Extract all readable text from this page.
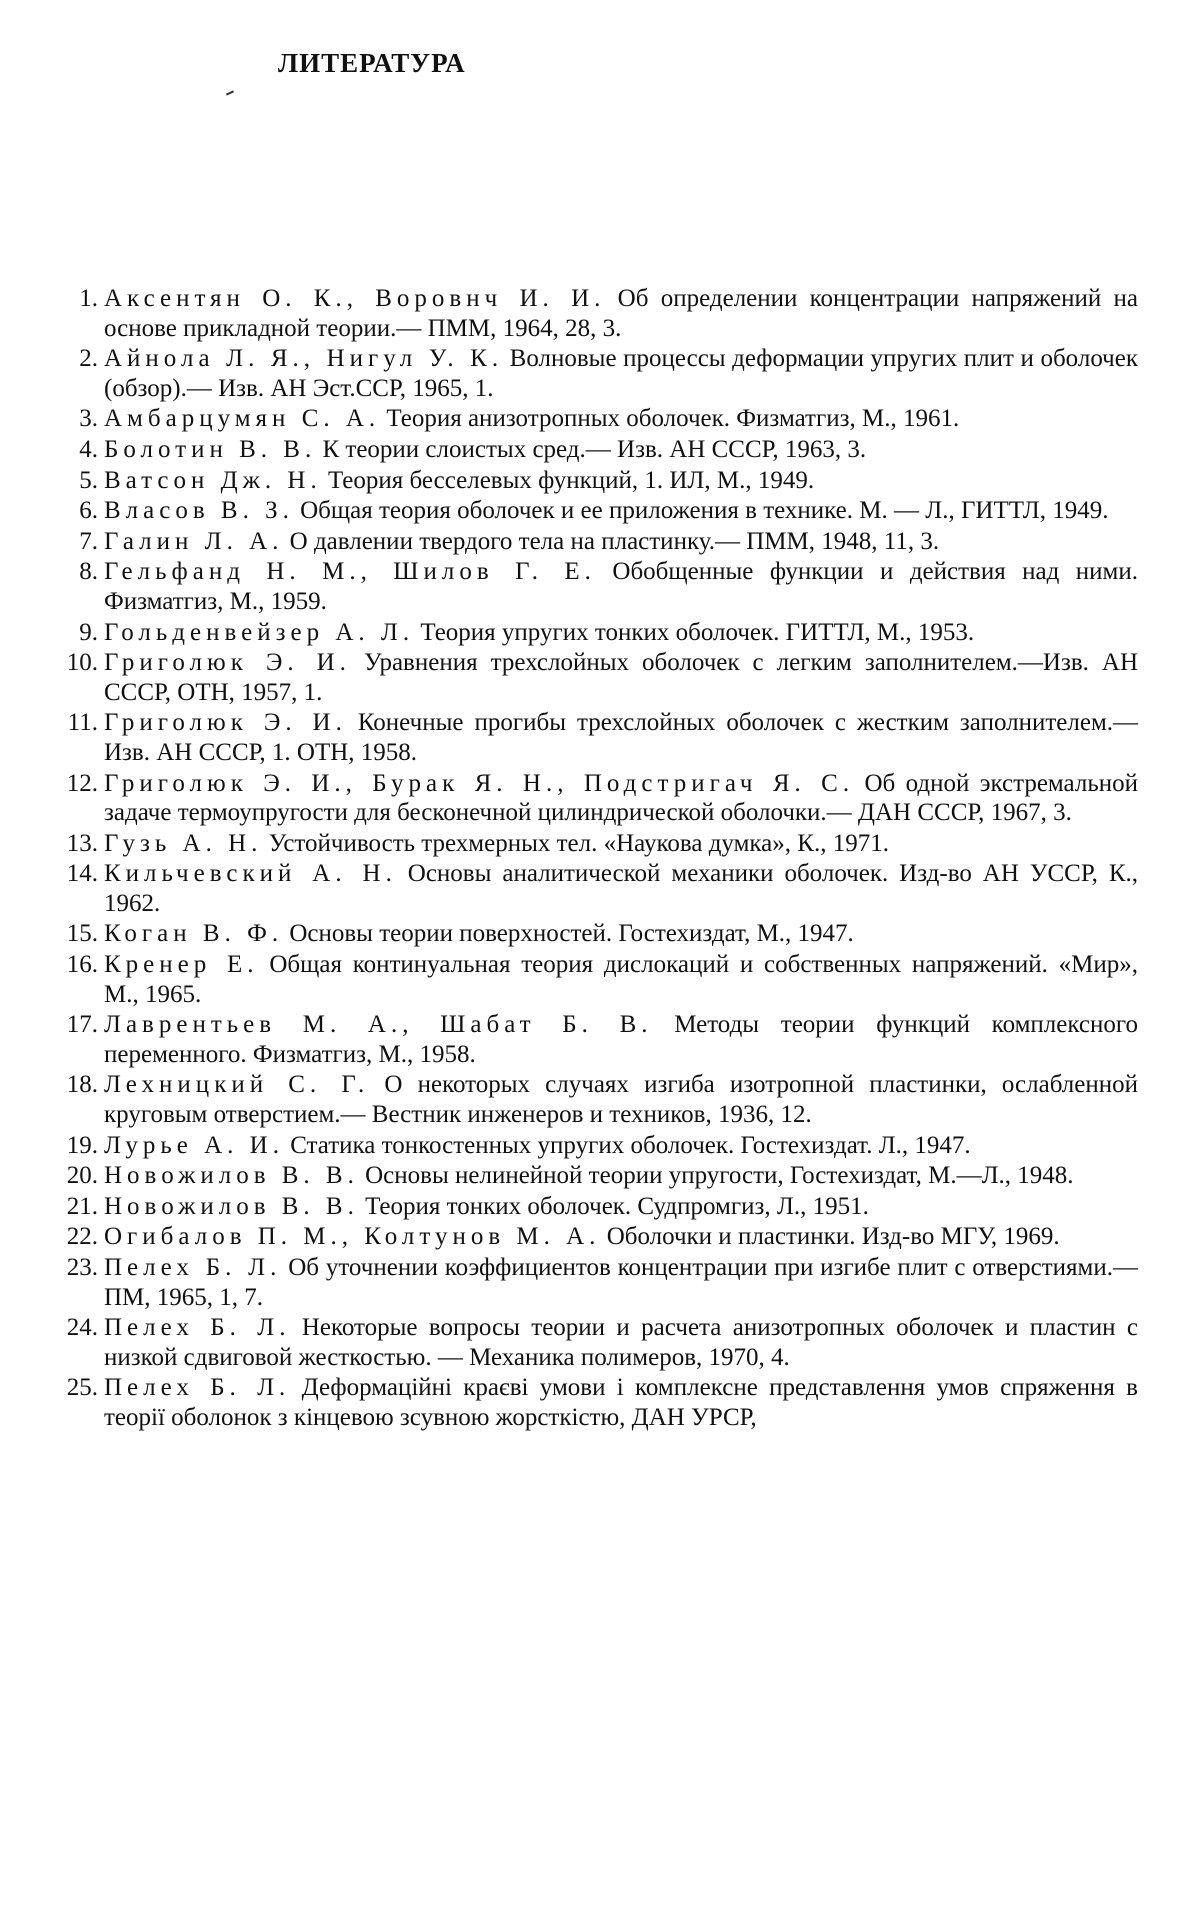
ЛИТЕРАТУРА
1. Аксентян О. К., Воровнч И. И. Об определении концентрации напряжений на основе прикладной теории.— ПММ, 1964, 28, 3.
2. Айнола Л. Я., Нигул У. К. Волновые процессы деформации упругих плит и оболочек (обзор).— Изв. АН Эст.ССР, 1965, 1.
3. Амбарцумян С. А. Теория анизотропных оболочек. Физматгиз, М., 1961.
4. Болотин В. В. К теории слоистых сред.— Изв. АН СССР, 1963, 3.
5. Ватсон Дж. Н. Теория бесселевых функций, 1. ИЛ, М., 1949.
6. Власов В. З. Общая теория оболочек и ее приложения в технике. М. — Л., ГИТТЛ, 1949.
7. Галин Л. А. О давлении твердого тела на пластинку.— ПММ, 1948, 11, 3.
8. Гельфанд Н. М., Шилов Г. Е. Обобщенные функции и действия над ними. Физматгиз, М., 1959.
9. Гольденвейзер А. Л. Теория упругих тонких оболочек. ГИТТЛ, М., 1953.
10. Григолюк Э. И. Уравнения трехслойных оболочек с легким заполнителем.—Изв. АН СССР, ОТН, 1957, 1.
11. Григолюк Э. И. Конечные прогибы трехслойных оболочек с жестким заполнителем.— Изв. АН СССР, 1. ОТН, 1958.
12. Григолюк Э. И., Бурак Я. Н., Подстригач Я. С. Об одной экстремальной задаче термоупругости для бесконечной цилиндрической оболочки.— ДАН СССР, 1967, 3.
13. Гузь А. Н. Устойчивость трехмерных тел. «Наукова думка», К., 1971.
14. Кильчевский А. Н. Основы аналитической механики оболочек. Изд-во АН УССР, К., 1962.
15. Коган В. Ф. Основы теории поверхностей. Гостехиздат, М., 1947.
16. Кренер Е. Общая континуальная теория дислокаций и собственных напряжений. «Мир», М., 1965.
17. Лаврентьев М. А., Шабат Б. В. Методы теории функций комплексного переменного. Физматгиз, М., 1958.
18. Лехницкий С. Г. О некоторых случаях изгиба изотропной пластинки, ослабленной круговым отверстием.— Вестник инженеров и техников, 1936, 12.
19. Лурье А. И. Статика тонкостенных упругих оболочек. Гостехиздат. Л., 1947.
20. Новожилов В. В. Основы нелинейной теории упругости, Гостехиздат, М.—Л., 1948.
21. Новожилов В. В. Теория тонких оболочек. Судпромгиз, Л., 1951.
22. Огибалов П. М., Колтунов М. А. Оболочки и пластинки. Изд-во МГУ, 1969.
23. Пелех Б. Л. Об уточнении коэффициентов концентрации при изгибе плит с отверстиями.—ПМ, 1965, 1, 7.
24. Пелех Б. Л. Некоторые вопросы теории и расчета анизотропных оболочек и пластин с низкой сдвиговой жесткостью. — Механика полимеров, 1970, 4.
25. Пелех Б. Л. Деформаційні краєві умови і комплексне представлення умов спряження в теорії оболонок з кінцевою зсувною жорсткістю, ДАН УРСР,
